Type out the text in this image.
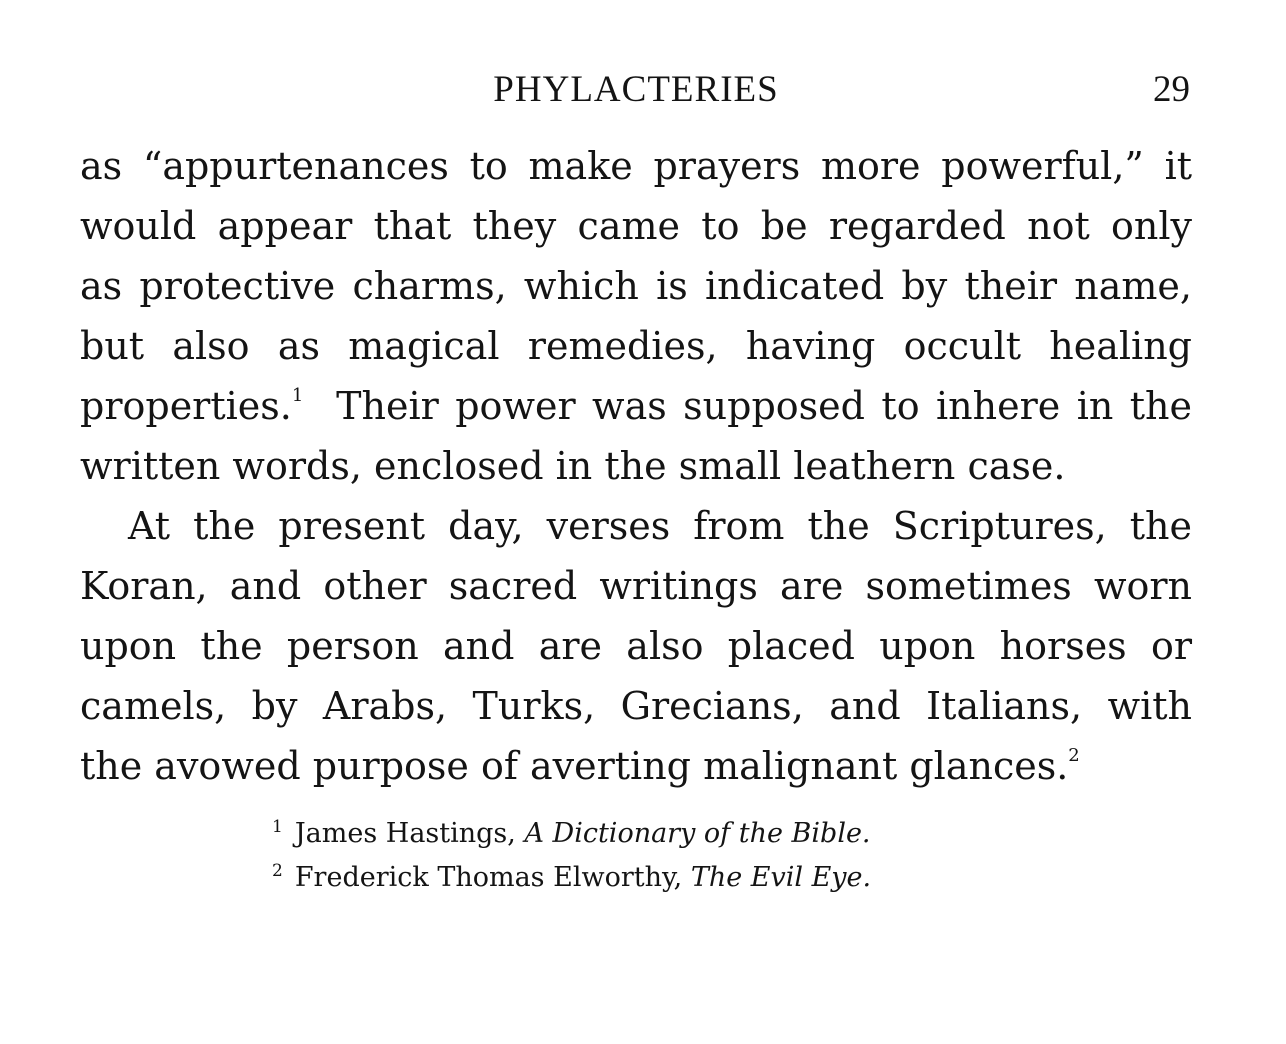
PHYLACTERIES	29
as “appurtenances to make prayers more powerful,” it
would appear that they came to be regarded not only
as protective charms, which is indicated by their name,
but also as magical remedies, having occult healing
properties.$^1$ Their power was supposed to inhere in the
written words, enclosed in the small leathern case.
At the present day, verses from the Scriptures, the
Koran, and other sacred writings are sometimes worn
upon the person and are also placed upon horses or
camels, by Arabs, Turks, Grecians, and Italians, with
the avowed purpose of averting malignant glances.$^2$
$^1$ James Hastings, A Dictionary of the Bible.
$^2$ Frederick Thomas Elworthy, The Evil Eye.
